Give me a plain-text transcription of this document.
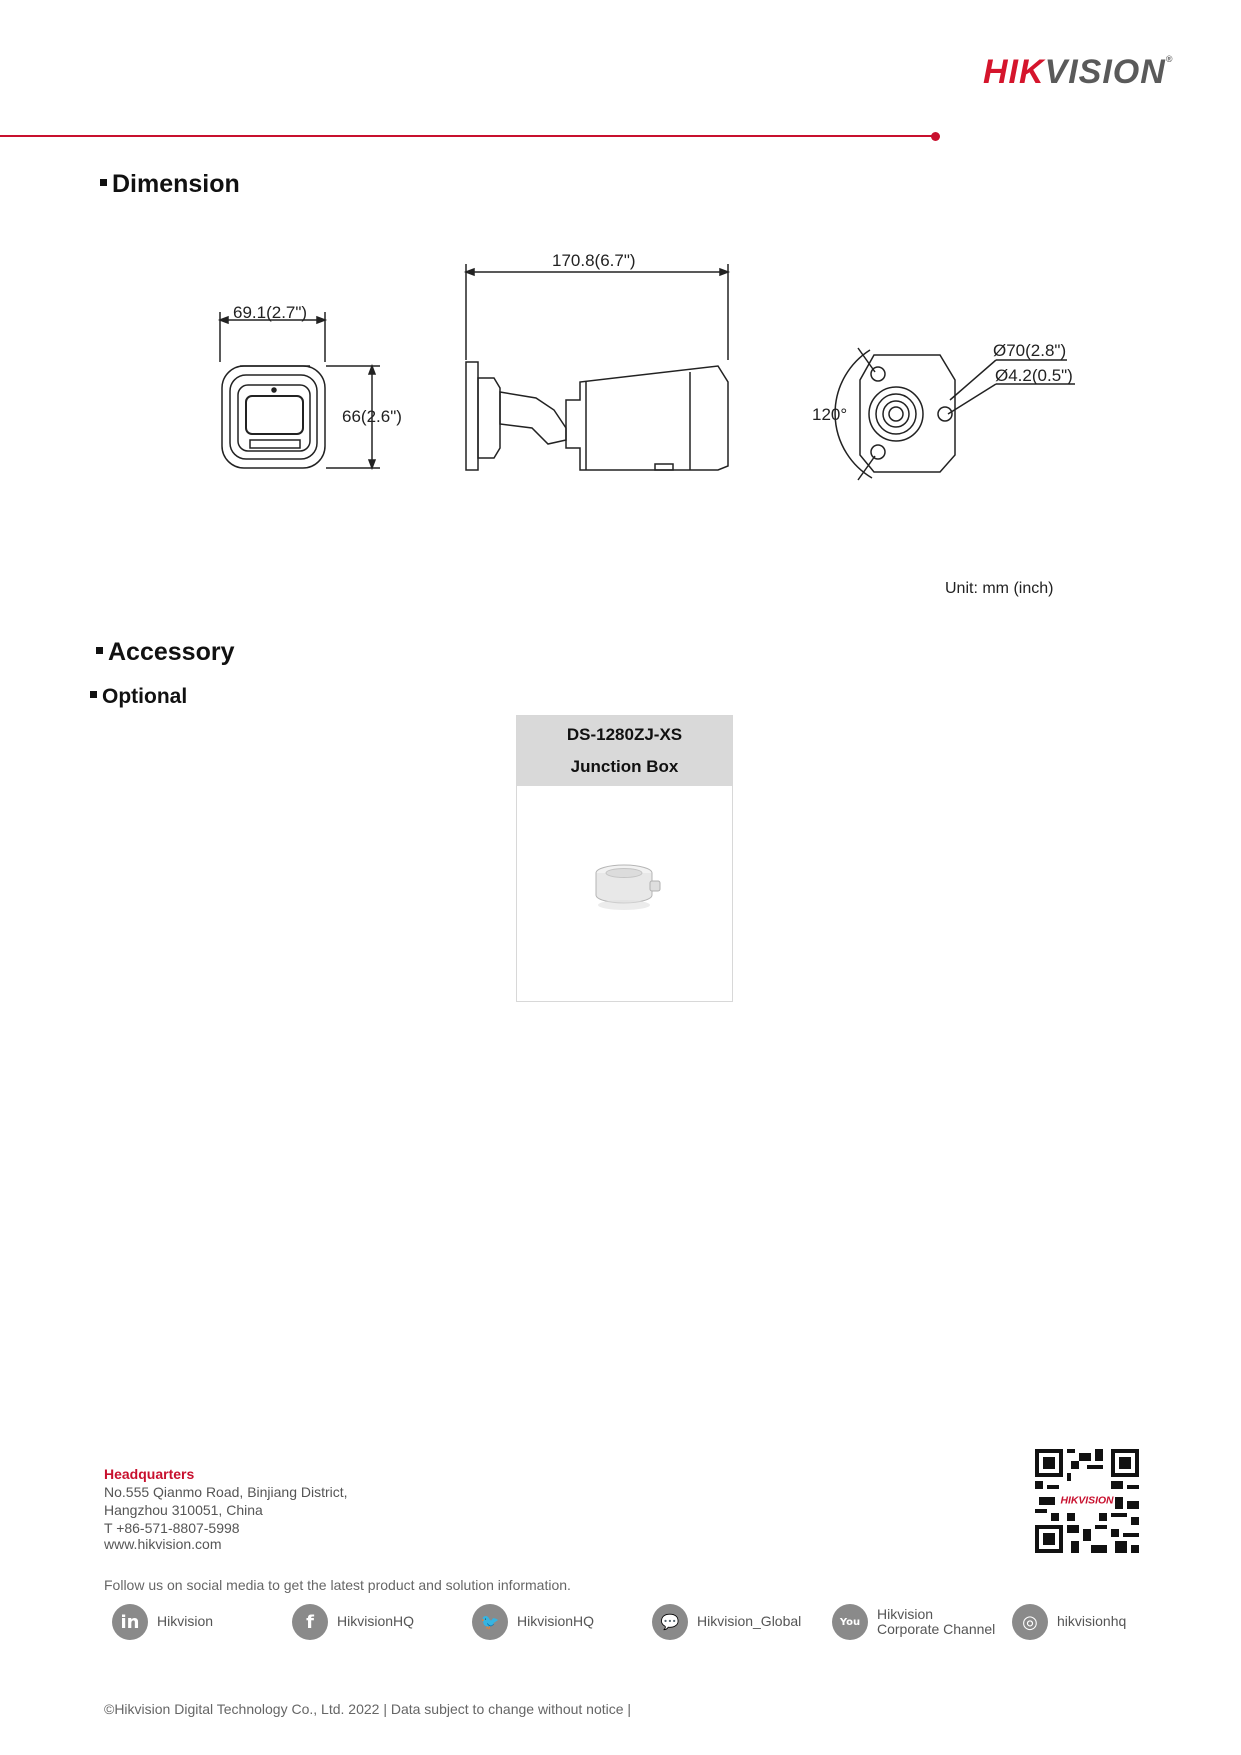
HIKVISION®
Dimension
170.8(6.7")
69.1(2.7")
66(2.6")
Ø70(2.8")
Ø4.2(0.5")
120°
Unit: mm (inch)
Accessory
Optional
DS-1280ZJ-XS
Junction Box
Headquarters
No.555 Qianmo Road, Binjiang District,
Hangzhou 310051, China
T +86-571-8807-5998
www.hikvision.com
HIKVISION
Follow us on social media to get the latest product and solution information.
in	Hikvision	f	HikvisionHQ	🐦	HikvisionHQ	💬	Hikvision_Global	You
Hikvision
Corporate Channel	◎	hikvisionhq
©Hikvision Digital Technology Co., Ltd. 2022 | Data subject to change without notice |
